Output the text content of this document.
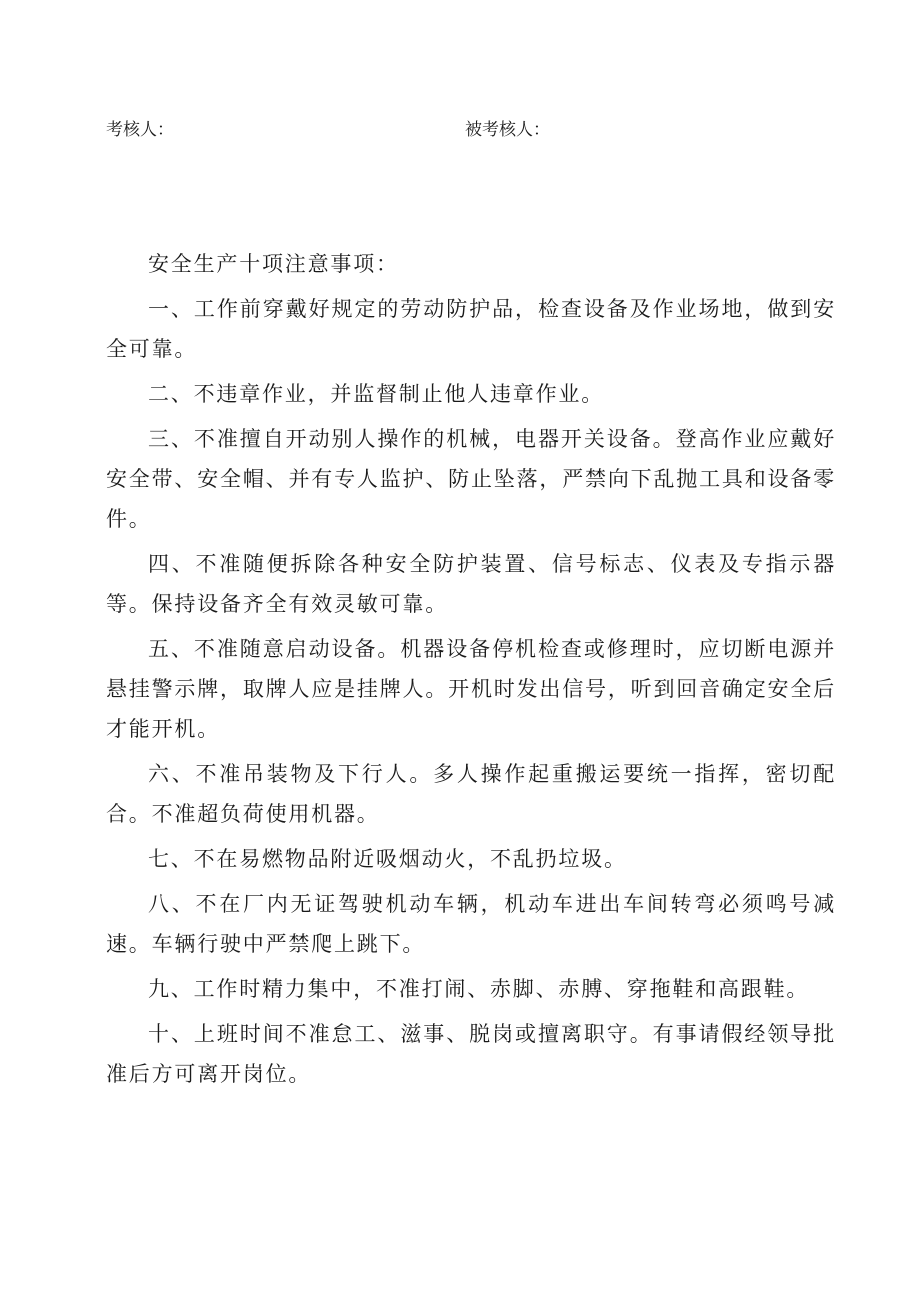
考核人：	被考核人：

安全生产十项注意事项：

一、工作前穿戴好规定的劳动防护品，检查设备及作业场地，做到安全可靠。

二、不违章作业，并监督制止他人违章作业。

三、不准擅自开动别人操作的机械，电器开关设备。登高作业应戴好安全带、安全帽、并有专人监护、防止坠落，严禁向下乱抛工具和设备零件。

四、不准随便拆除各种安全防护装置、信号标志、仪表及专指示器等。保持设备齐全有效灵敏可靠。

五、不准随意启动设备。机器设备停机检查或修理时，应切断电源并悬挂警示牌，取牌人应是挂牌人。开机时发出信号，听到回音确定安全后才能开机。

六、不准吊装物及下行人。多人操作起重搬运要统一指挥，密切配合。不准超负荷使用机器。

七、不在易燃物品附近吸烟动火，不乱扔垃圾。

八、不在厂内无证驾驶机动车辆，机动车进出车间转弯必须鸣号减速。车辆行驶中严禁爬上跳下。

九、工作时精力集中，不准打闹、赤脚、赤膊、穿拖鞋和高跟鞋。

十、上班时间不准怠工、滋事、脱岗或擅离职守。有事请假经领导批准后方可离开岗位。
